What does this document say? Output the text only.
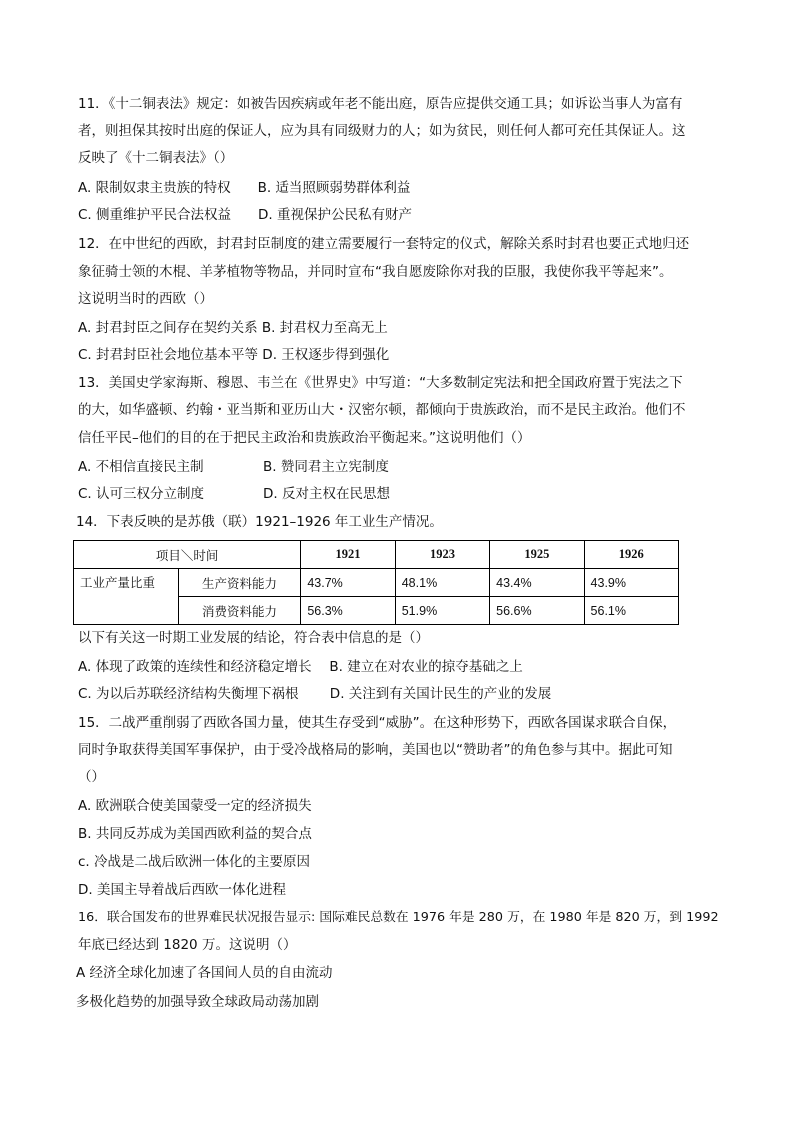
11．《十二铜表法》规定：如被告因疾病或年老不能出庭，原告应提供交通工具；如诉讼当事人为富有
者，则担保其按时出庭的保证人，应为具有同级财力的人；如为贫民，则任何人都可充任其保证人。这
反映了《十二铜表法》（）
A. 限制奴隶主贵族的特权　　B. 适当照顾弱势群体利益
C. 侧重维护平民合法权益　　D. 重视保护公民私有财产
12．在中世纪的西欧，封君封臣制度的建立需要履行一套特定的仪式，解除关系时封君也要正式地归还
象征骑士领的木棍、羊茅植物等物品，并同时宣布“我自愿废除你对我的臣服，我使你我平等起来”。
这说明当时的西欧（）
A. 封君封臣之间存在契约关系 B. 封君权力至高无上
C. 封君封臣社会地位基本平等 D. 王权逐步得到强化
13．美国史学家海斯、穆恩、韦兰在《世界史》中写道：“大多数制定宪法和把全国政府置于宪法之下
的大，如华盛顿、约翰・亚当斯和亚历山大・汉密尔顿，都倾向于贵族政治，而不是民主政治。他们不
信任平民–他们的目的在于把民主政治和贵族政治平衡起来。”这说明他们（）
A. 不相信直接民主制	B. 赞同君主立宪制度
C. 认可三权分立制度	D. 反对主权在民思想
14．下表反映的是苏俄（联）1921–1926 年工业生产情况。
项目＼时间		1921	1923	1925	1926
工业产量比重	生产资料能力	43.7%	48.1%	43.4%	43.9%
	消费资料能力	56.3%	51.9%	56.6%	56.1%
以下有关这一时期工业发展的结论，符合表中信息的是（）
A. 体现了政策的连续性和经济稳定增长　 B. 建立在对农业的掠夺基础之上
C. 为以后苏联经济结构失衡埋下祸根　　 D. 关注到有关国计民生的产业的发展
15．二战严重削弱了西欧各国力量，使其生存受到“威胁”。在这种形势下，西欧各国谋求联合自保，
同时争取获得美国军事保护，由于受冷战格局的影响，美国也以“赞助者”的角色参与其中。据此可知
（）
A. 欧洲联合使美国蒙受一定的经济损失
B. 共同反苏成为美国西欧利益的契合点
c. 冷战是二战后欧洲一体化的主要原因
D. 美国主导着战后西欧一体化进程
16．联合国发布的世界难民状况报告显示: 国际难民总数在 1976 年是 280 万，在 1980 年是 820 万，到 1992
年底已经达到 1820 万。这说明（）
A 经济全球化加速了各国间人员的自由流动
多极化趋势的加强导致全球政局动荡加剧
